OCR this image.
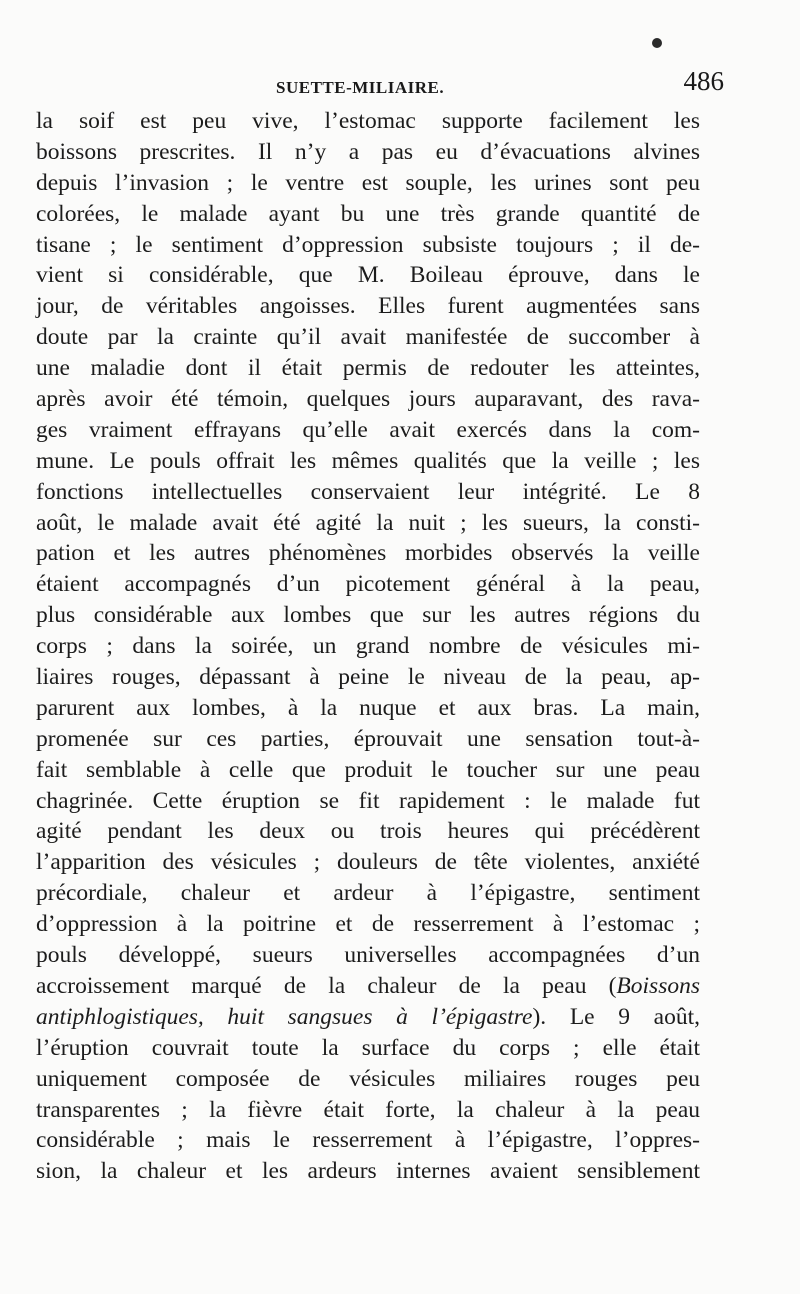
SUETTE-MILIAIRE.	486
la soif est peu vive, l’estomac supporte facilement les
boissons prescrites. Il n’y a pas eu d’évacuations alvines
depuis l’invasion ; le ventre est souple, les urines sont peu
colorées, le malade ayant bu une très grande quantité de
tisane ; le sentiment d’oppression subsiste toujours ; il de-
vient si considérable, que M. Boileau éprouve, dans le
jour, de véritables angoisses. Elles furent augmentées sans
doute par la crainte qu’il avait manifestée de succomber à
une maladie dont il était permis de redouter les atteintes,
après avoir été témoin, quelques jours auparavant, des rava-
ges vraiment effrayans qu’elle avait exercés dans la com-
mune. Le pouls offrait les mêmes qualités que la veille ; les
fonctions intellectuelles conservaient leur intégrité. Le 8
août, le malade avait été agité la nuit ; les sueurs, la consti-
pation et les autres phénomènes morbides observés la veille
étaient accompagnés d’un picotement général à la peau,
plus considérable aux lombes que sur les autres régions du
corps ; dans la soirée, un grand nombre de vésicules mi-
liaires rouges, dépassant à peine le niveau de la peau, ap-
parurent aux lombes, à la nuque et aux bras. La main,
promenée sur ces parties, éprouvait une sensation tout-à-
fait semblable à celle que produit le toucher sur une peau
chagrinée. Cette éruption se fit rapidement : le malade fut
agité pendant les deux ou trois heures qui précédèrent
l’apparition des vésicules ; douleurs de tête violentes, anxiété
précordiale, chaleur et ardeur à l’épigastre, sentiment
d’oppression à la poitrine et de resserrement à l’estomac ;
pouls développé, sueurs universelles accompagnées d’un
accroissement marqué de la chaleur de la peau (Boissons
antiphlogistiques, huit sangsues à l’épigastre). Le 9 août,
l’éruption couvrait toute la surface du corps ; elle était
uniquement composée de vésicules miliaires rouges peu
transparentes ; la fièvre était forte, la chaleur à la peau
considérable ; mais le resserrement à l’épigastre, l’oppres-
sion, la chaleur et les ardeurs internes avaient sensiblement
